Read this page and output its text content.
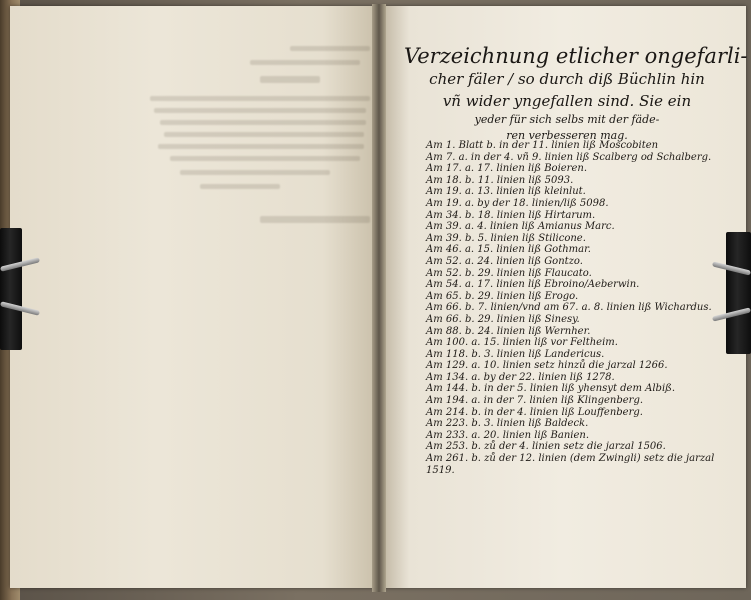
Verzeichnung etlicher ongefarli-
cher fäler / so durch diß Büchlin hin
vñ wider yngefallen sind. Sie ein
yeder für sich selbs mit der fäde-
ren verbesseren mag.
Am 1. Blatt b. in der 11. linien liß Moscobiten
Am 7. a. in der 4. vñ 9. linien liß Scalberg od Schalberg.
Am 17. a. 17. linien liß Boieren.
Am 18. b. 11. linien liß 5093.
Am 19. a. 13. linien liß kleinlut.
Am 19. a. by der 18. linien/liß 5098.
Am 34. b. 18. linien liß Hirtarum.
Am 39. a. 4. linien liß Amianus Marc.
Am 39. b. 5. linien liß Stilicone.
Am 46. a. 15. linien liß Gothmar.
Am 52. a. 24. linien liß Gontzo.
Am 52. b. 29. linien liß Flaucato.
Am 54. a. 17. linien liß Ebroino/Aeberwin.
Am 65. b. 29. linien liß Erogo.
Am 66. b. 7. linien/vnd am 67. a. 8. linien liß Wichardus.
Am 66. b. 29. linien liß Sinesy.
Am 88. b. 24. linien liß Wernher.
Am 100. a. 15. linien liß vor Feltheim.
Am 118. b. 3. linien liß Landericus.
Am 129. a. 10. linien setz hinzů die jarzal 1266.
Am 134. a. by der 22. linien liß 1278.
Am 144. b. in der 5. linien liß yhensyt dem Albiß.
Am 194. a. in der 7. linien liß Klingenberg.
Am 214. b. in der 4. linien liß Louffenberg.
Am 223. b. 3. linien liß Baldeck.
Am 233. a. 20. linien liß Banien.
Am 253. b. zů der 4. linien setz die jarzal 1506.
Am 261. b. zů der 12. linien (dem Zwingli) setz die jarzal
1519.
